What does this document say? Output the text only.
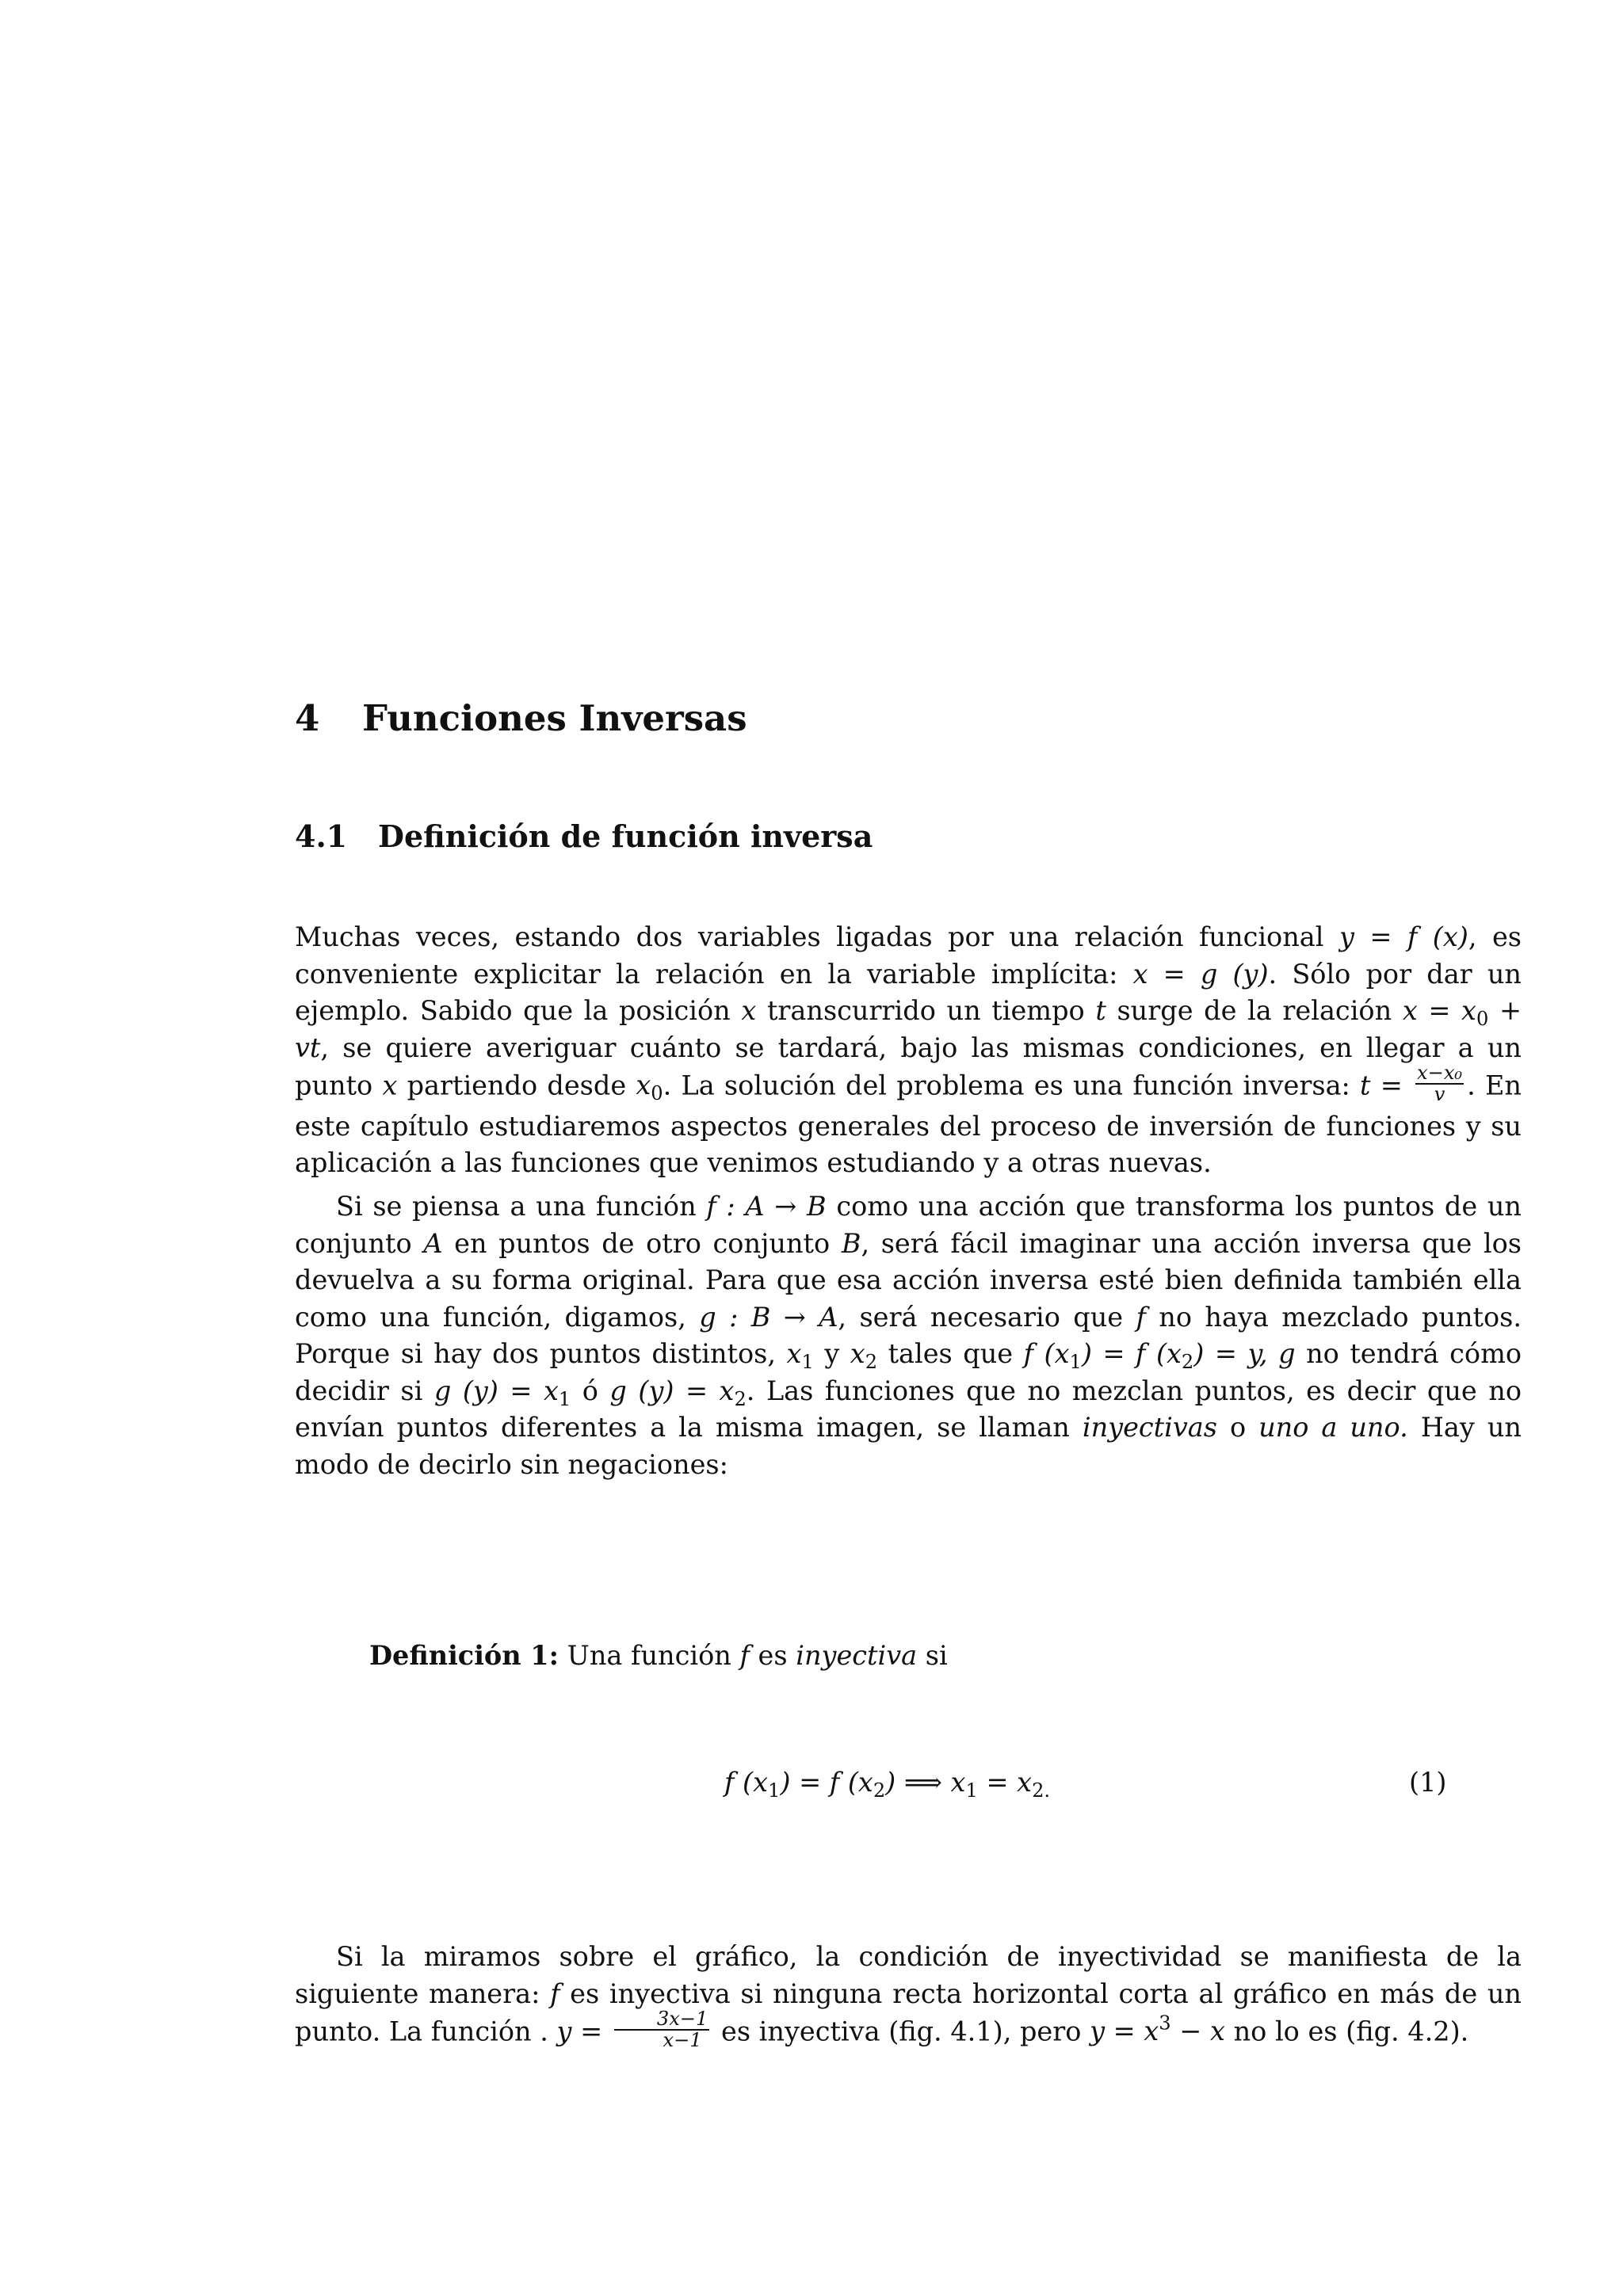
4 Funciones Inversas
4.1 Definición de función inversa
Muchas veces, estando dos variables ligadas por una relación funcional y = f (x), es conveniente explicitar la relación en la variable implícita: x = g (y). Sólo por dar un ejemplo. Sabido que la posición x transcurrido un tiempo t surge de la relación $x = x_0$ + vt, se quiere averiguar cuánto se tardará, bajo las mismas condiciones, en llegar a un punto x partiendo desde $x_0$. La solución del problema es una función inversa: $t = \frac{\text{x−x₀}}{v}$ . En este capítulo estudiaremos aspectos generales del proceso de inversión de funciones y su aplicación a las funciones que venimos estudiando y a otras nuevas.
Si se piensa a una función f : A → B como una acción que transforma los puntos de un conjunto A en puntos de otro conjunto B, será fácil imaginar una acción inversa que los devuelva a su forma original. Para que esa acción inversa esté bien definida también ella como una función, digamos, g : B → A, será necesario que f no haya mezclado puntos. Porque si hay dos puntos distintos, $x_1$ y $x_2$ tales que f $(x_1) = f$ $(x_2) = y$, g no tendrá cómo decidir si g $(y) = x_1$ ó g $(y) = x_2$. Las funciones que no mezclan puntos, es decir que no envían puntos diferentes a la misma imagen, se llaman inyectivas o uno a uno. Hay un modo de decirlo sin negaciones:
Definición 1: Una función f es inyectiva si
f $(x_1) = f$ $(x_2)$ ⟹ $x_1 = x_{2.}$	(1)
Si la miramos sobre el gráfico, la condición de inyectividad se manifiesta de la siguiente manera: f es inyectiva si ninguna recta horizontal corta al gráfico en más de un punto. La función . $y = \frac{3x-1}{x-1}$ es inyectiva (fig. 4.1), pero $y = x^3 - x$ no lo es (fig. 4.2).
